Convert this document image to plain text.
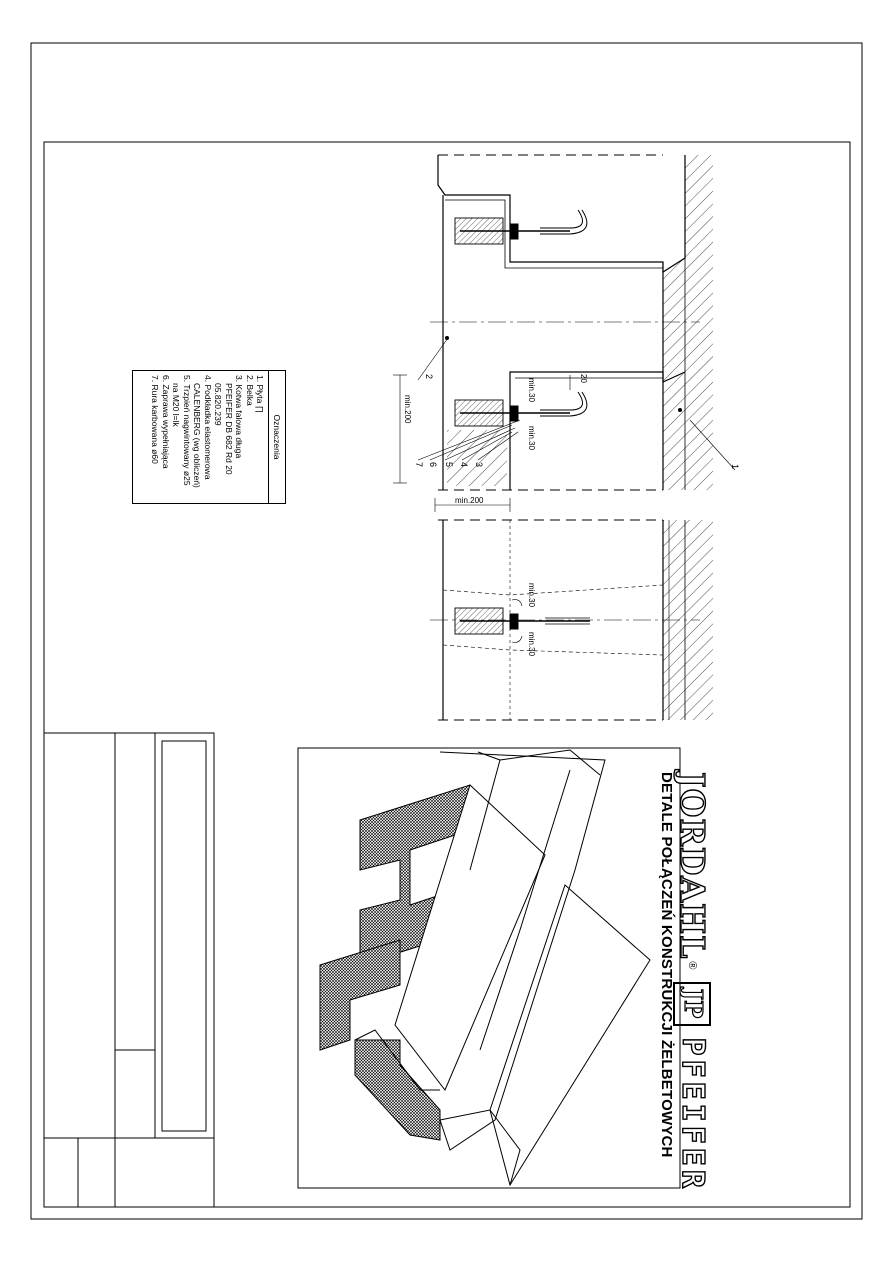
min.200
min.200
min.30
min.30
20
min.30
min.30
2
1
3
4
5
6
7
Oznaczenia
1. Płyta ∏
2. Belka
3. Kotwa falowa długa
PFEIFER DB 682 Rd 20
05.820.239
4. Podkładka elastomerowa
CALENBERG (wg obliczeń)
5. Trzpień nagwintowany ø25
na M20 l=lk
6. Zaprawa wypełniająca
7. Rura karbowana ø60
JORDAHL
®
JP
PFEIFER
DETALE POŁĄCZEŃ KONSTRUKCJI ŻELBETOWYCH
